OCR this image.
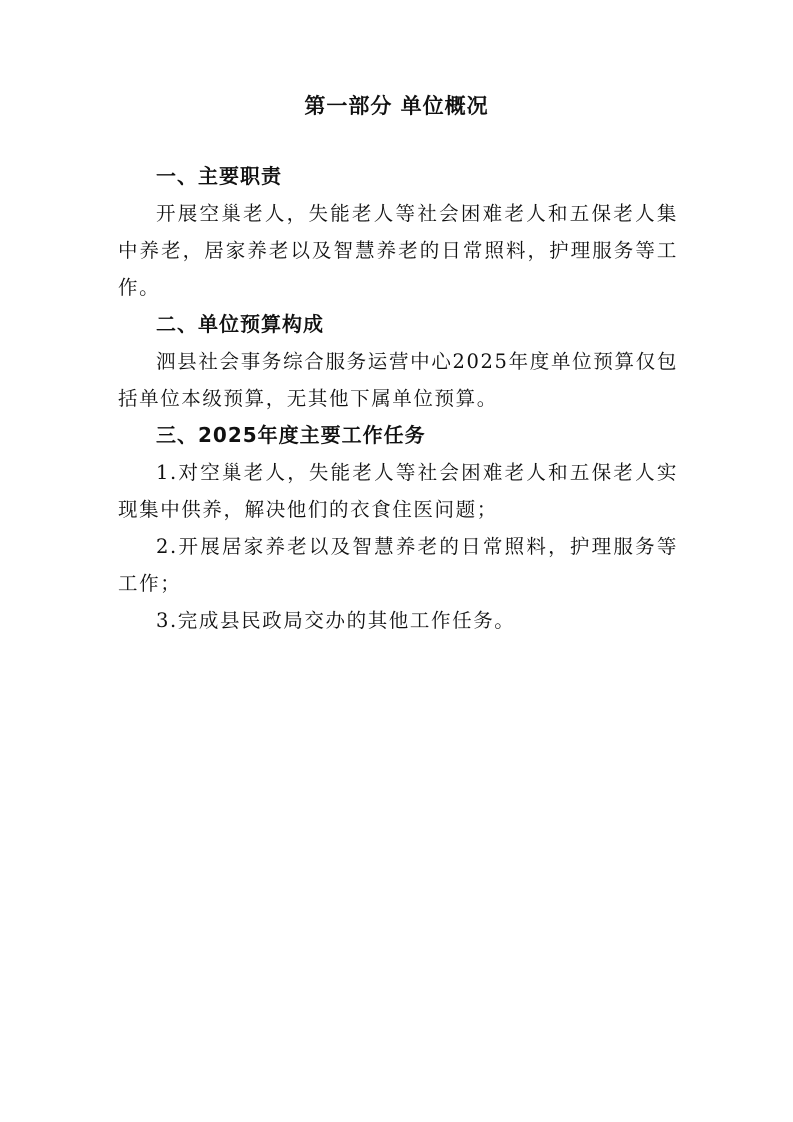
第一部分 单位概况

一、主要职责

开展空巢老人，失能老人等社会困难老人和五保老人集中养老，居家养老以及智慧养老的日常照料，护理服务等工作。

二、单位预算构成

泗县社会事务综合服务运营中心2025年度单位预算仅包括单位本级预算，无其他下属单位预算。

三、2025年度主要工作任务

1.对空巢老人，失能老人等社会困难老人和五保老人实现集中供养，解决他们的衣食住医问题；

2.开展居家养老以及智慧养老的日常照料，护理服务等工作；

3.完成县民政局交办的其他工作任务。
